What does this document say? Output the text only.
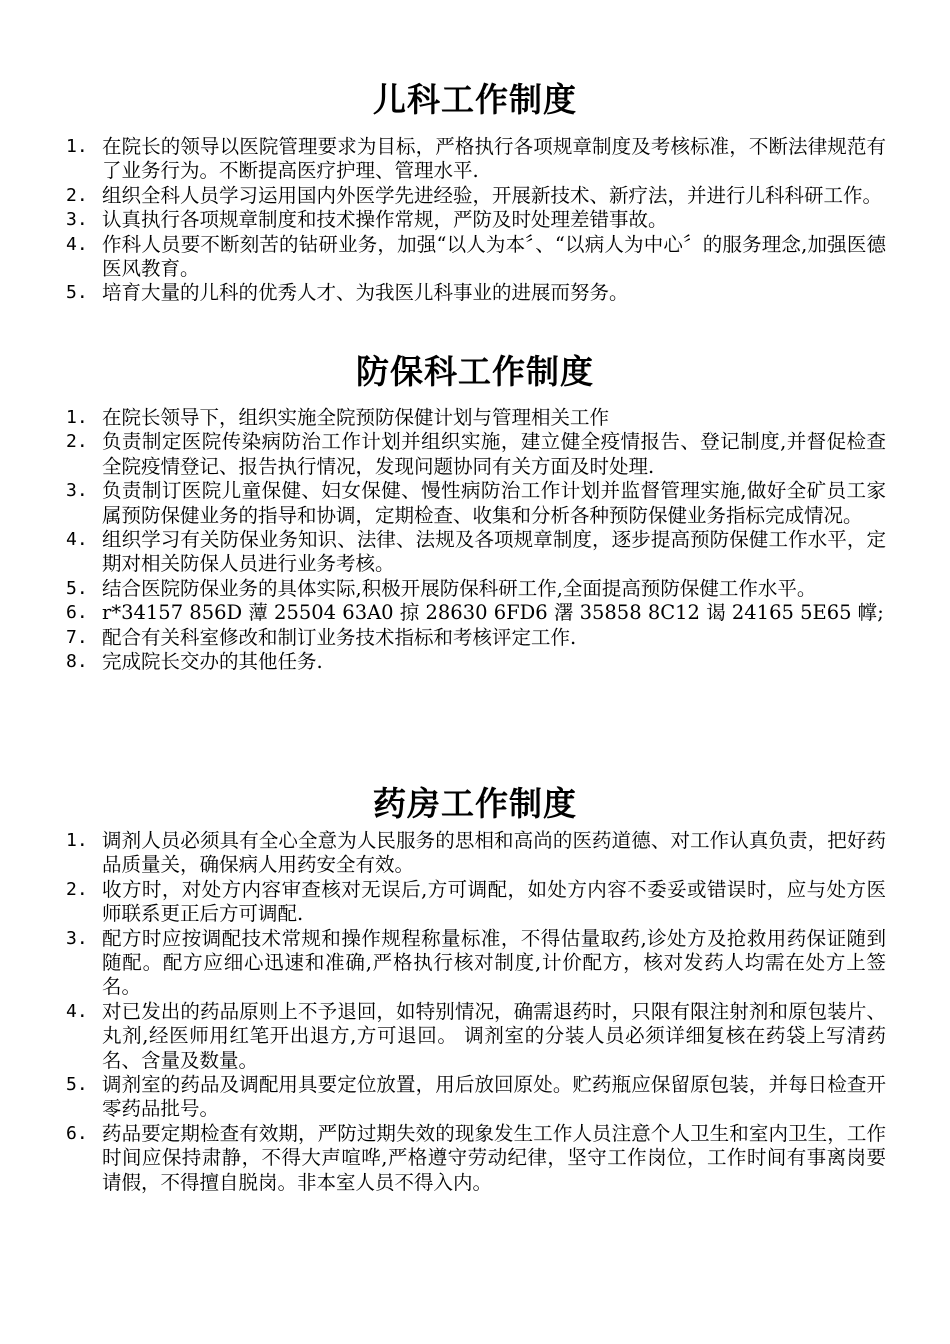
儿科工作制度
1. 在院长的领导以医院管理要求为目标，严格执行各项规章制度及考核标准，不断法律规范有了业务行为。不断提高医疗护理、管理水平.
2. 组织全科人员学习运用国内外医学先进经验，开展新技术、新疗法，并进行儿科科研工作。
3. 认真执行各项规章制度和技术操作常规，严防及时处理差错事故。
4. 作科人员要不断刻苦的钻研业务，加强“以人为本〞、“以病人为中心〞的服务理念,加强医德医风教育。
5. 培育大量的儿科的优秀人才、为我医儿科事业的进展而努务。
防保科工作制度
1. 在院长领导下，组织实施全院预防保健计划与管理相关工作
2. 负责制定医院传染病防治工作计划并组织实施，建立健全疫情报告、登记制度,并督促检查全院疫情登记、报告执行情况，发现问题协同有关方面及时处理.
3. 负责制订医院儿童保健、妇女保健、慢性病防治工作计划并监督管理实施,做好全矿员工家属预防保健业务的指导和协调，定期检查、收集和分析各种预防保健业务指标完成情况。
4. 组织学习有关防保业务知识、法律、法规及各项规章制度，逐步提高预防保健工作水平，定期对相关防保人员进行业务考核。
5. 结合医院防保业务的具体实际,积极开展防保科研工作,全面提高预防保健工作水平。
6. r*34157 856D 藫 25504 63A0 掠 28630 6FD6 濖 35858 8C12 谒 24165 5E65 幥;
7. 配合有关科室修改和制订业务技术指标和考核评定工作.
8. 完成院长交办的其他任务.
药房工作制度
1. 调剂人员必须具有全心全意为人民服务的思相和高尚的医药道德、对工作认真负责，把好药品质量关，确保病人用药安全有效。
2. 收方时，对处方内容审查核对无误后,方可调配，如处方内容不委妥或错误时，应与处方医师联系更正后方可调配.
3. 配方时应按调配技术常规和操作规程称量标准，不得估量取药,诊处方及抢救用药保证随到随配。配方应细心迅速和准确,严格执行核对制度,计价配方，核对发药人均需在处方上签名。
4. 对已发出的药品原则上不予退回，如特别情况，确需退药时，只限有限注射剂和原包装片、丸剂,经医师用红笔开出退方,方可退回。 调剂室的分装人员必须详细复核在药袋上写清药名、含量及数量。
5. 调剂室的药品及调配用具要定位放置，用后放回原处。贮药瓶应保留原包装，并每日检查开零药品批号。
6. 药品要定期检查有效期，严防过期失效的现象发生工作人员注意个人卫生和室内卫生，工作时间应保持肃静，不得大声喧哗,严格遵守劳动纪律，坚守工作岗位，工作时间有事离岗要请假，不得擅自脱岗。非本室人员不得入内。
